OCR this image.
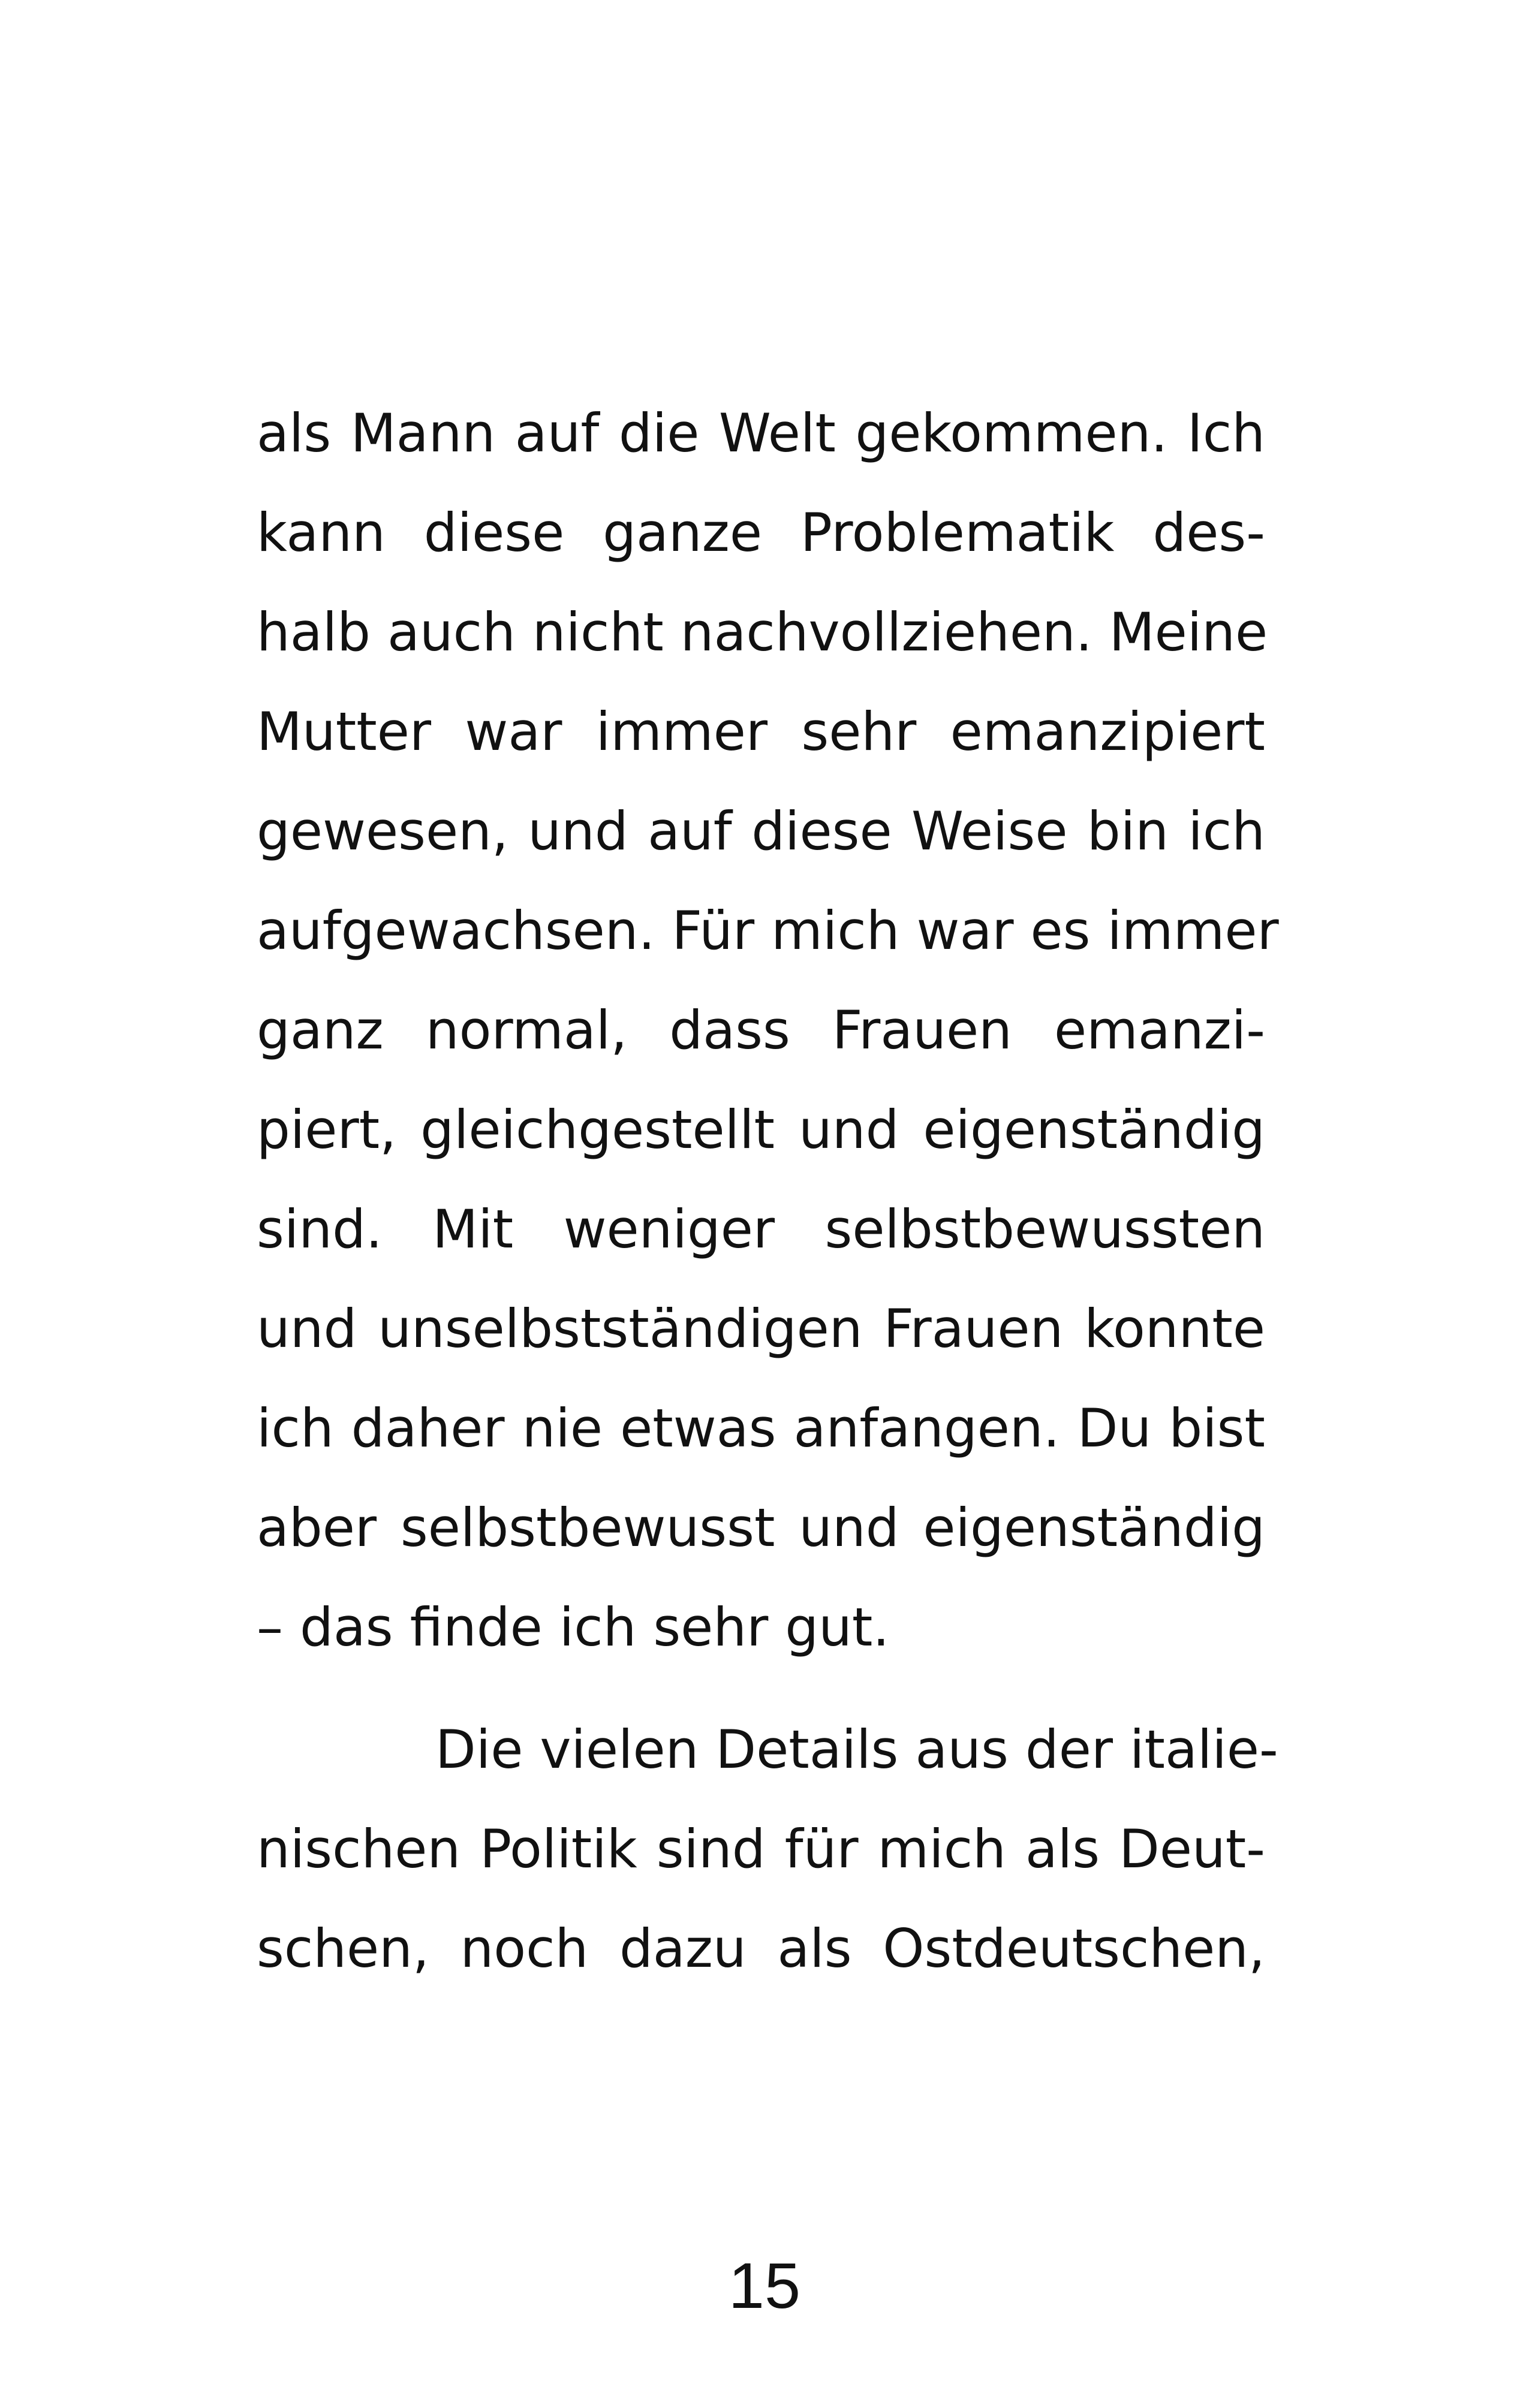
als Mann auf die Welt gekommen. Ich
kann diese ganze Problematik des-
halb auch nicht nachvollziehen. Meine
Mutter war immer sehr emanzipiert
gewesen, und auf diese Weise bin ich
aufgewachsen. Für mich war es immer
ganz normal, dass Frauen emanzi-
piert, gleichgestellt und eigenständig
sind. Mit weniger selbstbewussten
und unselbstständigen Frauen konnte
ich daher nie etwas anfangen. Du bist
aber selbstbewusst und eigenständig
– das finde ich sehr gut.
Die vielen Details aus der italie-
nischen Politik sind für mich als Deut-
schen, noch dazu als Ostdeutschen,
15
